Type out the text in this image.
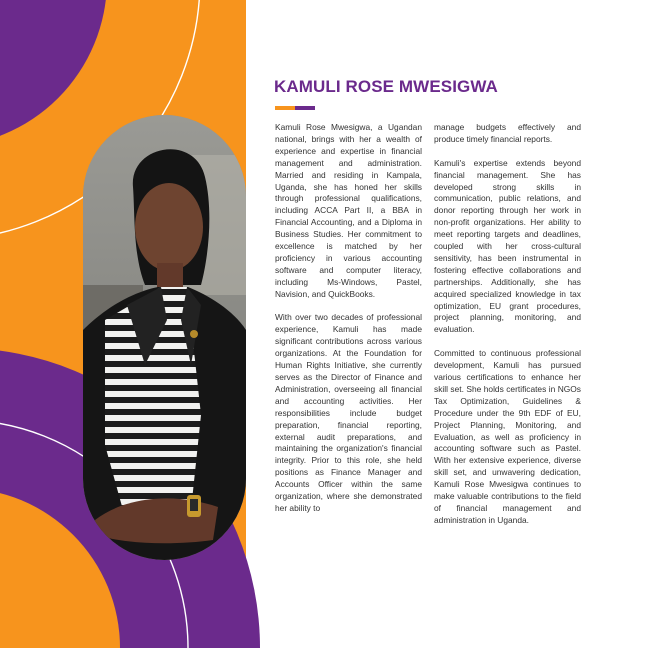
KAMULI ROSE MWESIGWA

Kamuli Rose Mwesigwa, a Ugandan national, brings with her a wealth of experience and expertise in financial management and administration. Married and residing in Kampala, Uganda, she has honed her skills through professional qualifications, including ACCA Part II, a BBA in Financial Accounting, and a Diploma in Business Studies. Her commitment to excellence is matched by her proficiency in various accounting software and computer literacy, including Ms-Windows, Pastel, Navision, and QuickBooks.

With over two decades of professional experience, Kamuli has made significant contributions across various organizations. At the Foundation for Human Rights Initiative, she currently serves as the Director of Finance and Administration, overseeing all financial and accounting activities. Her responsibilities include budget preparation, financial reporting, external audit preparations, and maintaining the organization's financial integrity. Prior to this role, she held positions as Finance Manager and Accounts Officer within the same organization, where she demonstrated her ability to

manage budgets effectively and produce timely financial reports.

Kamuli's expertise extends beyond financial management. She has developed strong skills in communication, public relations, and donor reporting through her work in non-profit organizations. Her ability to meet reporting targets and deadlines, coupled with her cross-cultural sensitivity, has been instrumental in fostering effective collaborations and partnerships. Additionally, she has acquired specialized knowledge in tax optimization, EU grant procedures, project planning, monitoring, and evaluation.

Committed to continuous professional development, Kamuli has pursued various certifications to enhance her skill set. She holds certificates in NGOs Tax Optimization, Guidelines & Procedure under the 9th EDF of EU, Project Planning, Monitoring, and Evaluation, as well as proficiency in accounting software such as Pastel. With her extensive experience, diverse skill set, and unwavering dedication, Kamuli Rose Mwesigwa continues to make valuable contributions to the field of financial management and administration in Uganda.
